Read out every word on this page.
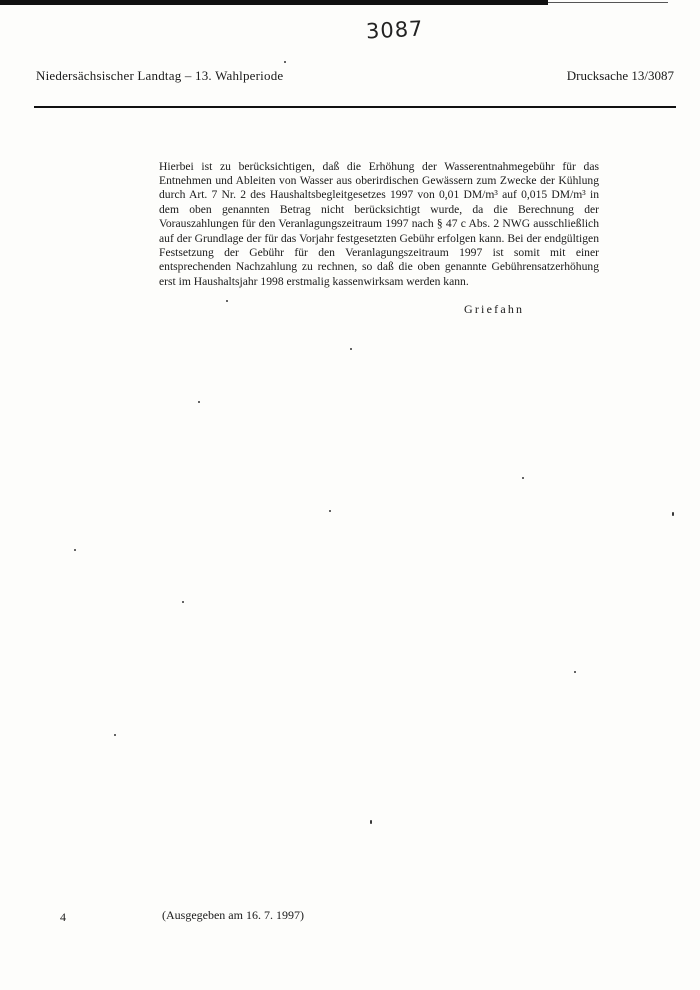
3087
Niedersächsischer Landtag – 13. Wahlperiode	Drucksache 13/3087

Hierbei ist zu berücksichtigen, daß die Erhöhung der Wasserentnahmegebühr für das Entnehmen und Ableiten von Wasser aus oberirdischen Gewässern zum Zwecke der Kühlung durch Art. 7 Nr. 2 des Haushaltsbegleitgesetzes 1997 von 0,01 DM/m³ auf 0,015 DM/m³ in dem oben genannten Betrag nicht berücksichtigt wurde, da die Berechnung der Vorauszahlungen für den Veranlagungszeitraum 1997 nach § 47 c Abs. 2 NWG ausschließlich auf der Grundlage der für das Vorjahr festgesetzten Gebühr erfolgen kann. Bei der endgültigen Festsetzung der Gebühr für den Veranlagungszeitraum 1997 ist somit mit einer entsprechenden Nachzahlung zu rechnen, so daß die oben genannte Gebührensatzerhöhung erst im Haushaltsjahr 1998 erstmalig kassenwirksam werden kann.

Griefahn
4	(Ausgegeben am 16. 7. 1997)
